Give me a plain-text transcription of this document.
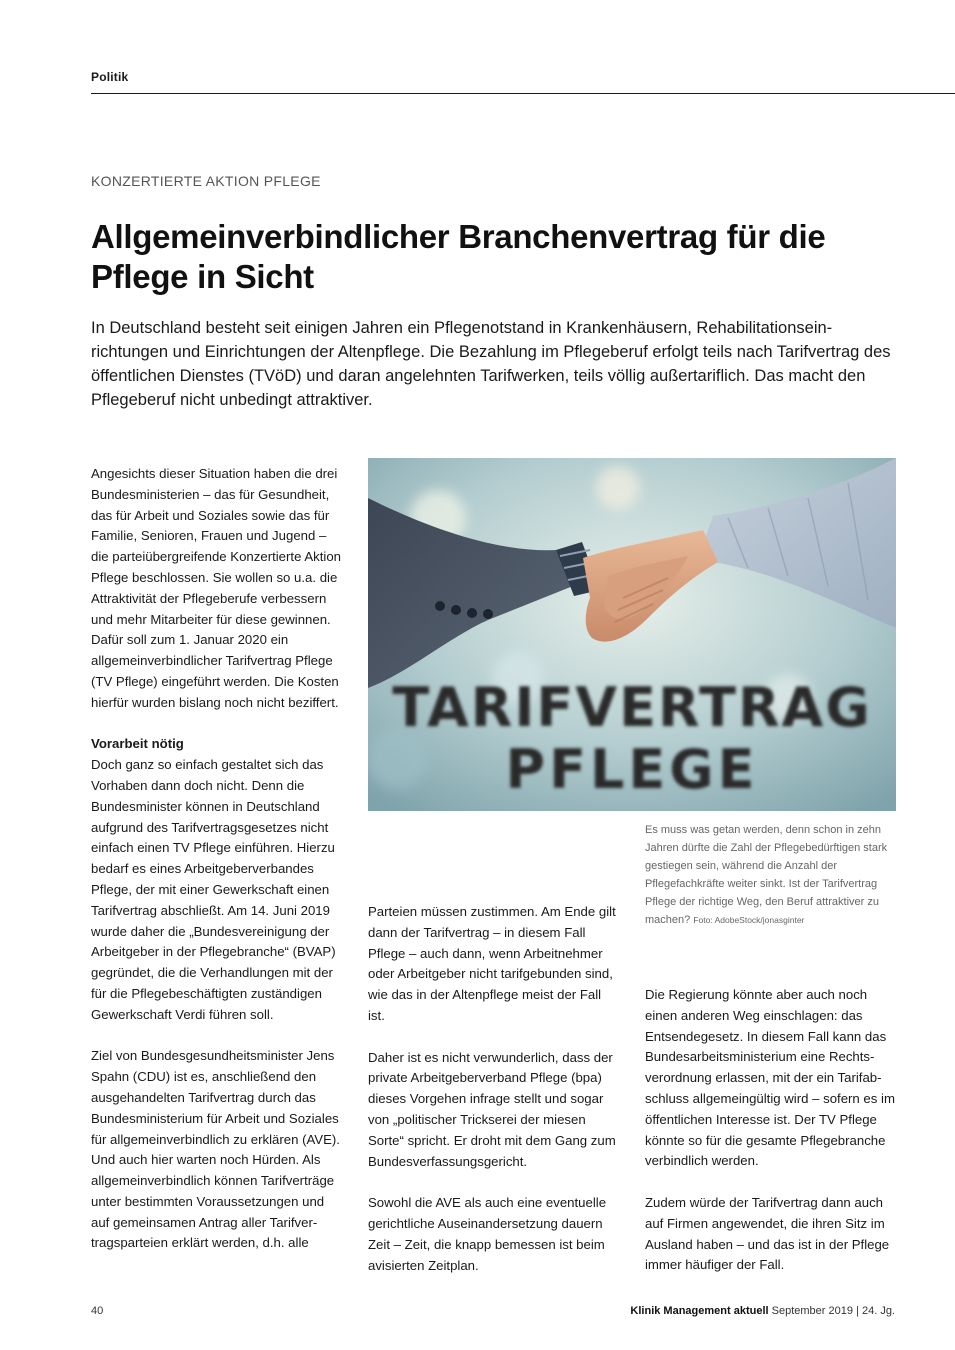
Politik
KONZERTIERTE AKTION PFLEGE
Allgemeinverbindlicher Branchenvertrag für die Pflege in Sicht

In Deutschland besteht seit einigen Jahren ein Pflegenotstand in Krankenhäusern, Rehabilitationseinrichtungen und Einrichtungen der Altenpflege. Die Bezahlung im Pflegeberuf erfolgt teils nach Tarifvertrag des öffentlichen Dienstes (TVöD) und daran angelehnten Tarifwerken, teils völlig außertariflich. Das macht den Pflegeberuf nicht unbedingt attraktiver.

Angesichts dieser Situation haben die drei Bundesministerien – das für Gesundheit, das für Arbeit und Soziales sowie das für Familie, Senioren, Frauen und Jugend – die parteiübergreifende Konzertierte Aktion Pflege beschlossen. Sie wollen so u.a. die Attraktivität der Pflegeberufe verbessern und mehr Mitarbeiter für diese gewinnen. Dafür soll zum 1. Januar 2020 ein allgemeinverbindlicher Tarifvertrag Pflege (TV Pflege) eingeführt werden. Die Kosten hierfür wurden bislang noch nicht beziffert.

Vorarbeit nötig

Doch ganz so einfach gestaltet sich das Vorhaben dann doch nicht. Denn die Bundesminister können in Deutschland aufgrund des Tarifvertragsgesetzes nicht einfach einen TV Pflege einführen. Hierzu bedarf es eines Arbeitgeberverbandes Pflege, der mit einer Gewerkschaft einen Tarifvertrag abschließt. Am 14. Juni 2019 wurde daher die „Bundesvereinigung der Arbeitgeber in der Pflegebranche“ (BVAP) gegründet, die die Verhandlungen mit der für die Pflegebeschäftigten zuständigen Gewerkschaft Verdi führen soll.

Ziel von Bundesgesundheitsminister Jens Spahn (CDU) ist es, anschließend den ausgehandelten Tarifvertrag durch das Bundesministerium für Arbeit und Soziales für allgemeinverbindlich zu erklären (AVE). Und auch hier warten noch Hürden. Als allgemeinverbindlich können Tarifverträge unter bestimmten Voraussetzungen und auf gemeinsamen Antrag aller Tarifvertragsparteien erklärt werden, d.h. alle

TARIFVERTRAG
PFLEGE
Es muss was getan werden, denn schon in zehn Jahren dürfte die Zahl der Pflegebedürftigen stark gestiegen sein, während die Anzahl der Pflegefachkräfte weiter sinkt. Ist der Tarifvertrag Pflege der richtige Weg, den Beruf attraktiver zu machen? Foto: AdobeStock/jonasginter

Parteien müssen zustimmen. Am Ende gilt dann der Tarifvertrag – in diesem Fall Pflege – auch dann, wenn Arbeitnehmer oder Arbeitgeber nicht tarifgebunden sind, wie das in der Altenpflege meist der Fall ist.

Daher ist es nicht verwunderlich, dass der private Arbeitgeberverband Pflege (bpa) dieses Vorgehen infrage stellt und sogar von „politischer Trickserei der miesen Sorte“ spricht. Er droht mit dem Gang zum Bundesverfassungsgericht.

Sowohl die AVE als auch eine eventuelle gerichtliche Auseinandersetzung dauern Zeit – Zeit, die knapp bemessen ist beim avisierten Zeitplan.

Die Regierung könnte aber auch noch einen anderen Weg einschlagen: das Entsendegesetz. In diesem Fall kann das Bundesarbeitsministerium eine Rechtsverordnung erlassen, mit der ein Tarifabschluss allgemeingültig wird – sofern es im öffentlichen Interesse ist. Der TV Pflege könnte so für die gesamte Pflegebranche verbindlich werden.

Zudem würde der Tarifvertrag dann auch auf Firmen angewendet, die ihren Sitz im Ausland haben – und das ist in der Pflege immer häufiger der Fall.

40	Klinik Management aktuell September 2019 | 24. Jg.
